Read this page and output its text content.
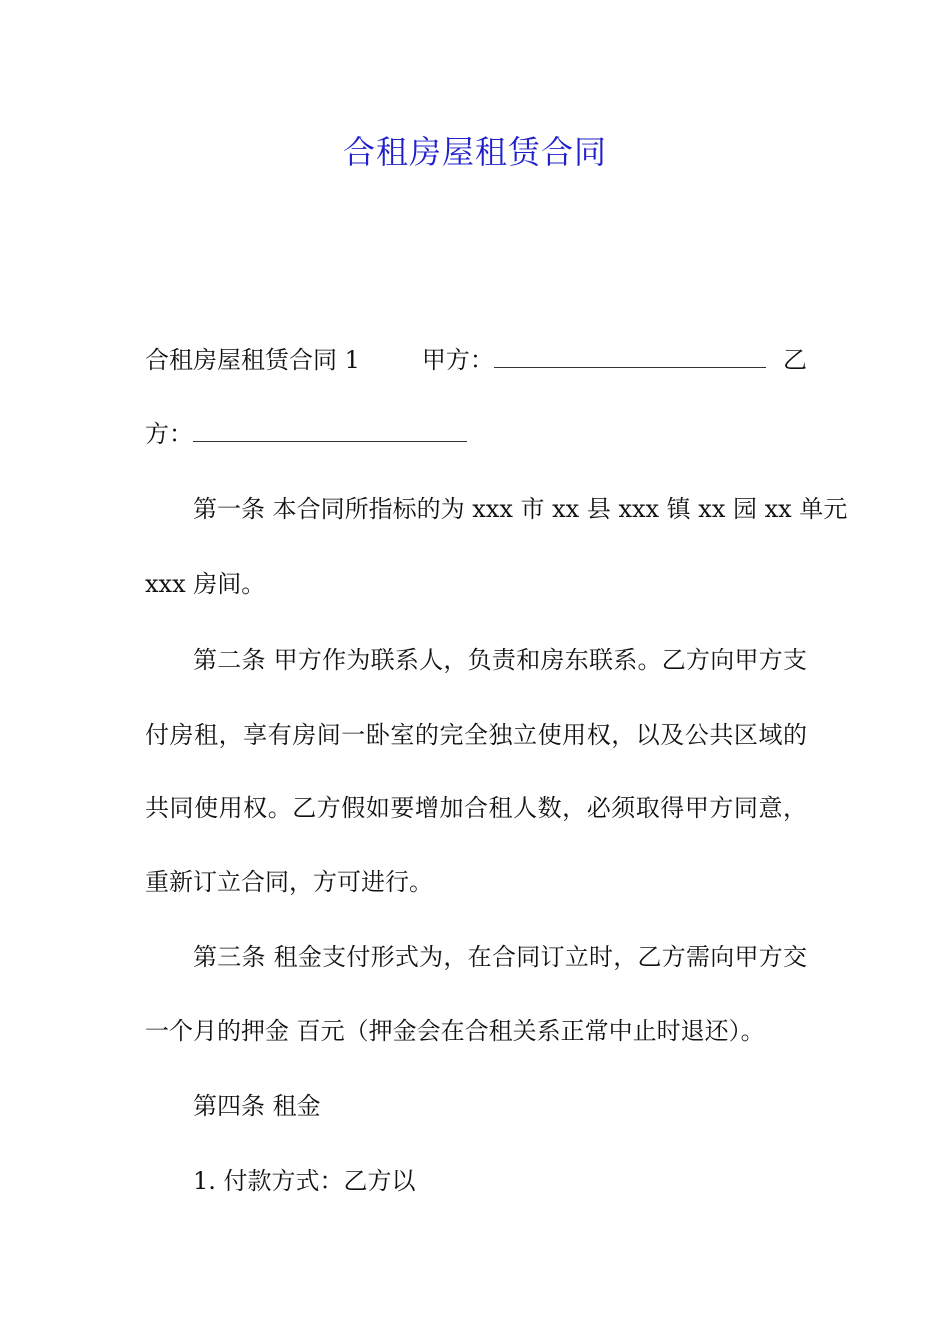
合租房屋租赁合同
合租房屋租赁合同 1	甲方：	乙
方：
第一条 本合同所指标的为 xxx 市 xx 县 xxx 镇 xx 园 xx 单元
xxx 房间。
第二条 甲方作为联系人，负责和房东联系。乙方向甲方支
付房租，享有房间一卧室的完全独立使用权，以及公共区域的
共同使用权。乙方假如要增加合租人数，必须取得甲方同意，
重新订立合同，方可进行。
第三条 租金支付形式为，在合同订立时，乙方需向甲方交
一个月的押金 百元（押金会在合租关系正常中止时退还）。
第四条 租金
1. 付款方式：乙方以
